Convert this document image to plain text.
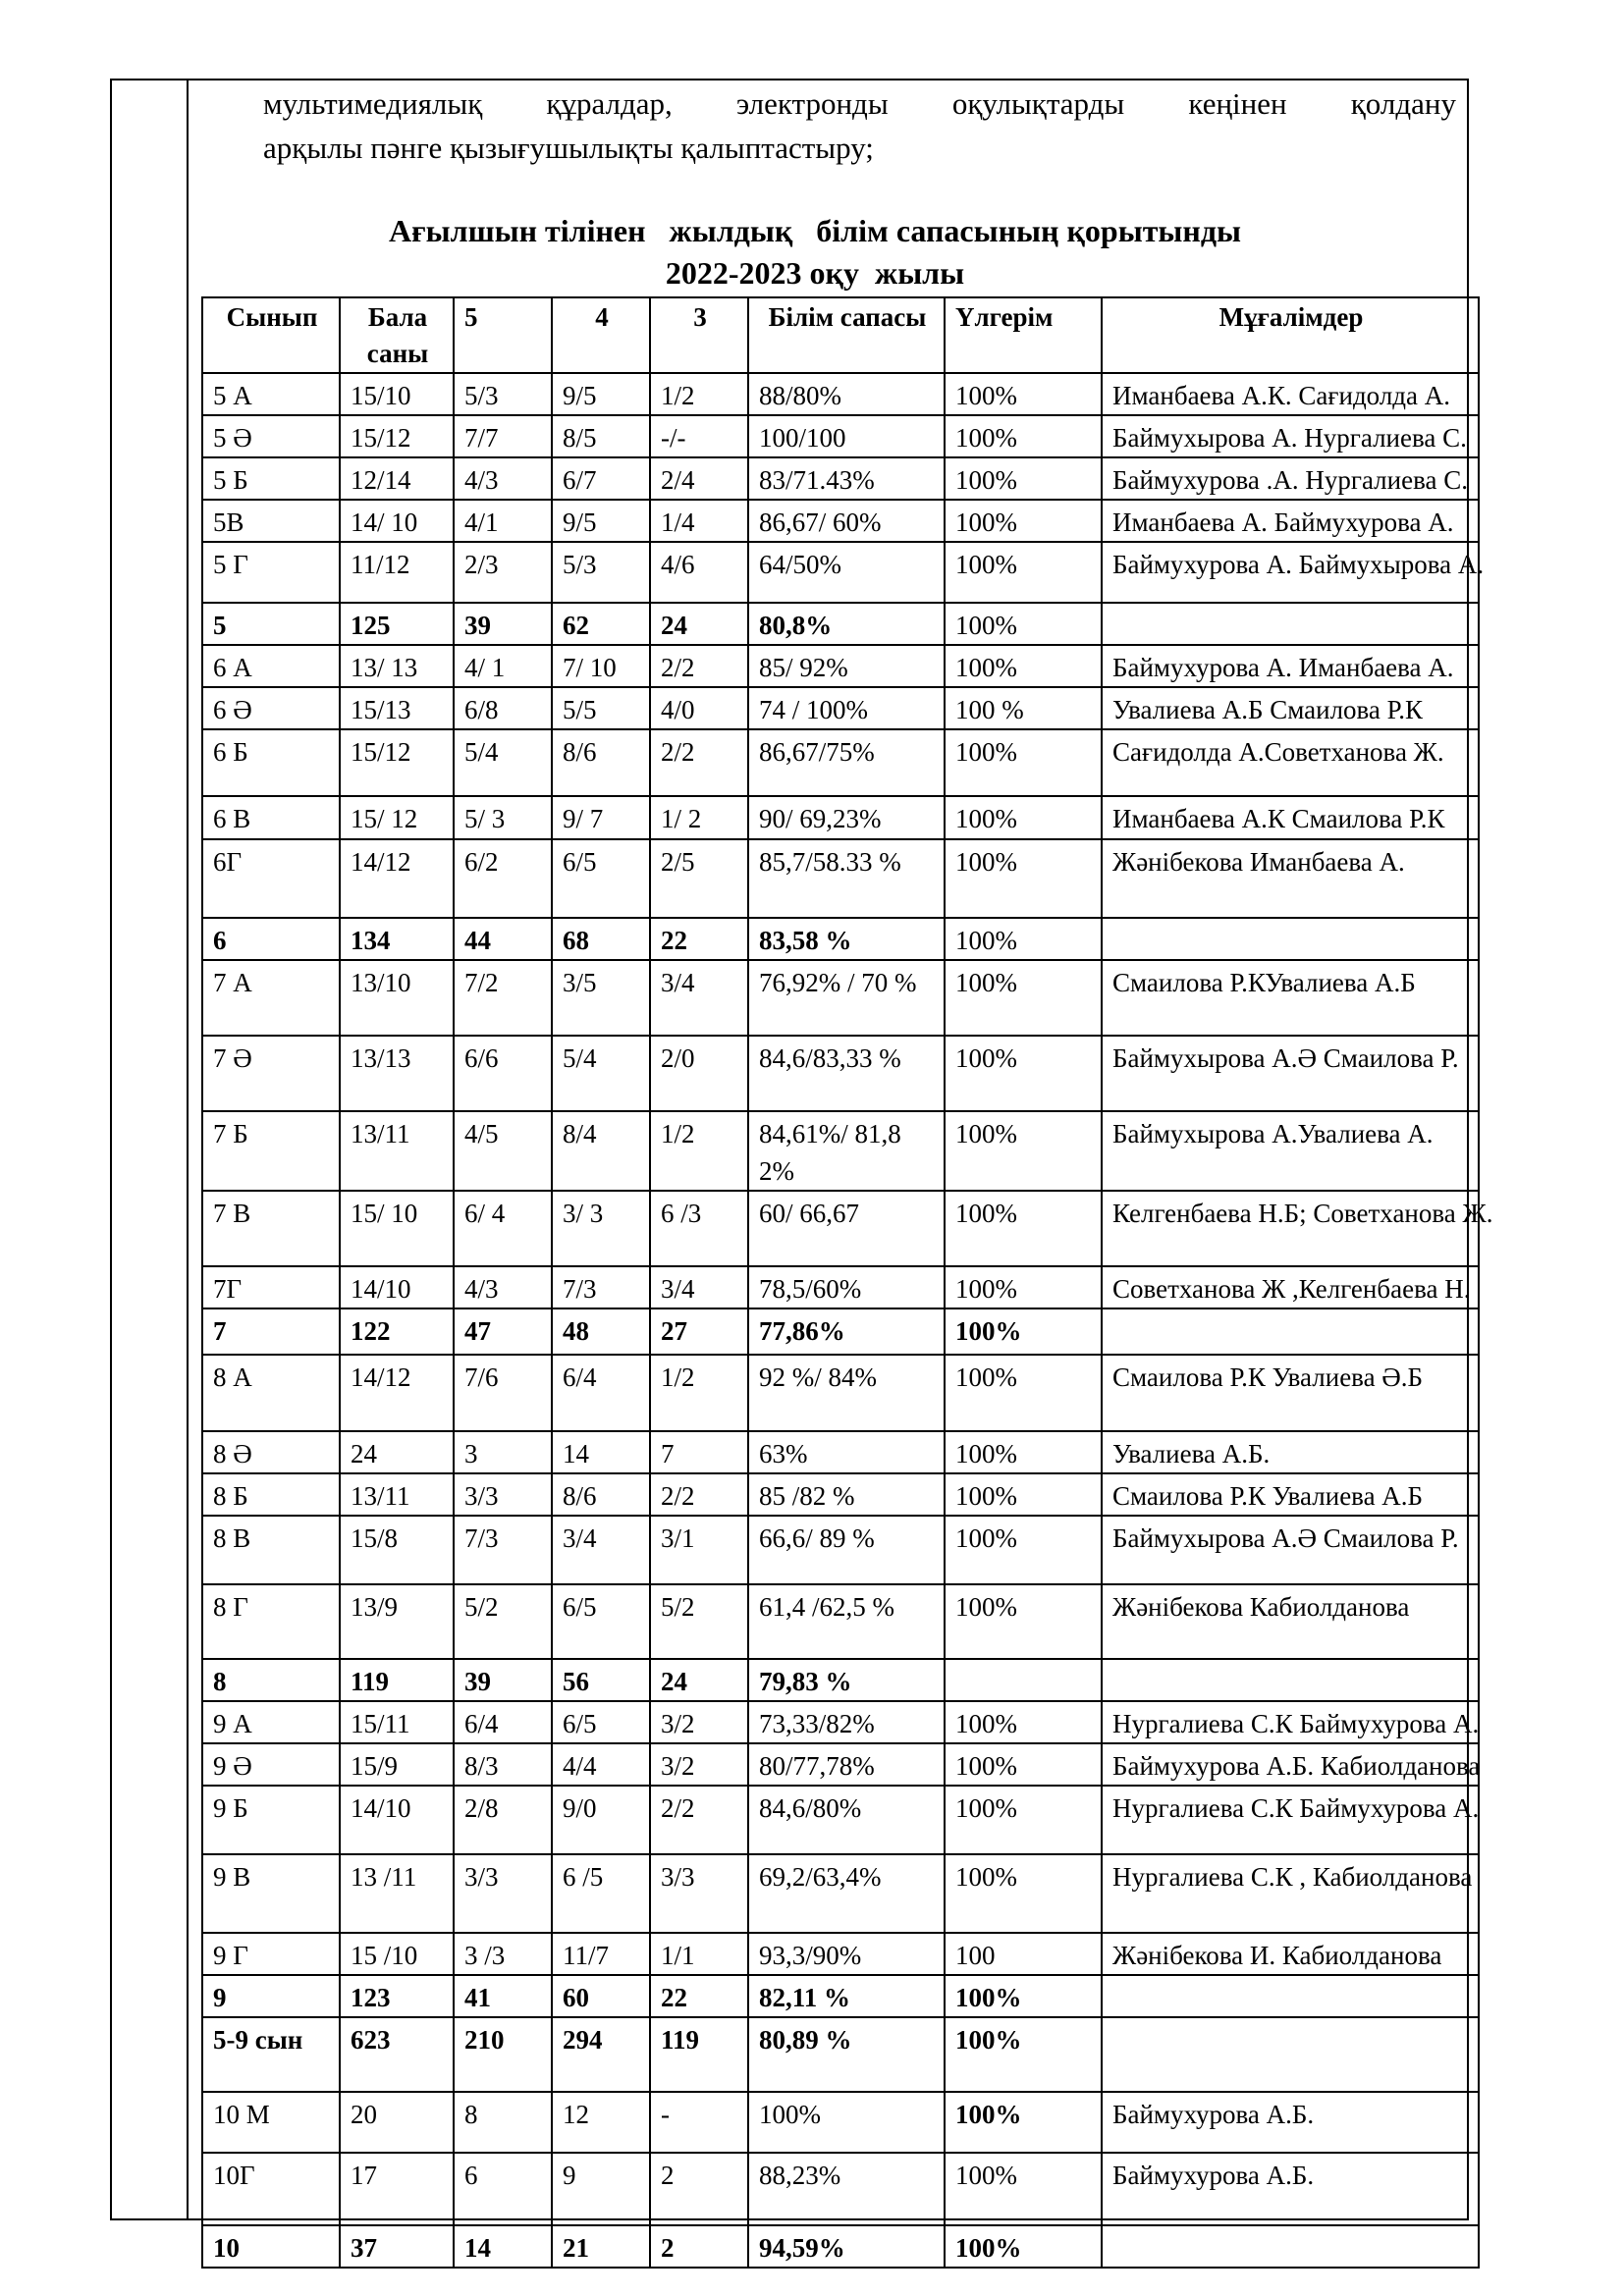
мультимедиялық құралдар, электронды оқулықтарды кеңінен қолдану

арқылы пәнге қызығушылықты қалыптастыру;

Ағылшын тілінен   жылдық   білім сапасының қорытынды
2022-2023 оқу  жылы
Сынып	Бала саны	5	4	3	Білім сапасы	Үлгерім	Мұғалімдер
5 А	15/10	5/3	9/5	1/2	88/80%	100%	Иманбаева А.К. Сағидолда А.
5 Ә	15/12	7/7	8/5	-/-	100/100	100%	Баймухырова А. Нургалиева С.
5 Б	12/14	4/3	6/7	2/4	83/71.43%	100%	Баймухурова .А. Нургалиева С.
5В	14/ 10	4/1	9/5	1/4	86,67/ 60%	100%	Иманбаева А. Баймухурова А.
5 Г	11/12	2/3	5/3	4/6	64/50%	100%	Баймухурова А. Баймухырова А.
5	125	39	62	24	80,8%	100%	
6 А	13/ 13	4/ 1	7/ 10	2/2	85/ 92%	100%	Баймухурова А. Иманбаева А.
6 Ә	15/13	6/8	5/5	4/0	74 / 100%	100 %	Увалиева А.Б Смаилова Р.К
6 Б	15/12	5/4	8/6	2/2	86,67/75%	100%	Сағидолда А.Советханова Ж.
6 В	15/ 12	5/ 3	9/ 7	1/ 2	90/ 69,23%	100%	Иманбаева А.К Смаилова Р.К
6Г	14/12	6/2	6/5	2/5	85,7/58.33 %	100%	Жәнібекова Иманбаева А.
6	134	44	68	22	83,58 %	100%	
7 А	13/10	7/2	3/5	3/4	76,92% / 70 %	100%	Смаилова Р.КУвалиева А.Б
7 Ә	13/13	6/6	5/4	2/0	84,6/83,33 %	100%	Баймухырова А.Ә Смаилова Р.
7 Б	13/11	4/5	8/4	1/2	84,61%/ 81,82%	100%	Баймухырова А.Увалиева А.
7 В	15/ 10	6/ 4	3/ 3	6 /3	60/ 66,67	100%	Келгенбаева Н.Б; Советханова Ж.
7Г	14/10	4/3	7/3	3/4	78,5/60%	100%	Советханова Ж ,Келгенбаева Н.
7	122	47	48	27	77,86%	100%	
8 А	14/12	7/6	6/4	1/2	92 %/ 84%	100%	Смаилова Р.К Увалиева Ә.Б
8 Ә	24	3	14	7	63%	100%	Увалиева А.Б.
8 Б	13/11	3/3	8/6	2/2	85 /82 %	100%	Смаилова Р.К Увалиева А.Б
8 В	15/8	7/3	3/4	3/1	66,6/ 89 %	100%	Баймухырова А.Ә Смаилова Р.
8 Г	13/9	5/2	6/5	5/2	61,4 /62,5 %	100%	Жәнібекова Кабиолданова
8	119	39	56	24	79,83 %		
9 А	15/11	6/4	6/5	3/2	73,33/82%	100%	Нургалиева С.К Баймухурова А.
9 Ә	15/9	8/3	4/4	3/2	80/77,78%	100%	Баймухурова А.Б. Кабиолданова
9 Б	14/10	2/8	9/0	2/2	84,6/80%	100%	Нургалиева С.К Баймухурова А.
9 В	13 /11	3/3	6 /5	3/3	69,2/63,4%	100%	Нургалиева С.К , Кабиолданова
9 Г	15 /10	3 /3	11/7	1/1	93,3/90%	100	Жәнібекова И. Кабиолданова
9	123	41	60	22	82,11 %	100%	
5-9 сын	623	210	294	119	80,89 %	100%	
10 М	20	8	12	-	100%	100%	Баймухурова А.Б.
10Г	17	6	9	2	88,23%	100%	Баймухурова А.Б.
10	37	14	21	2	94,59%	100%	
